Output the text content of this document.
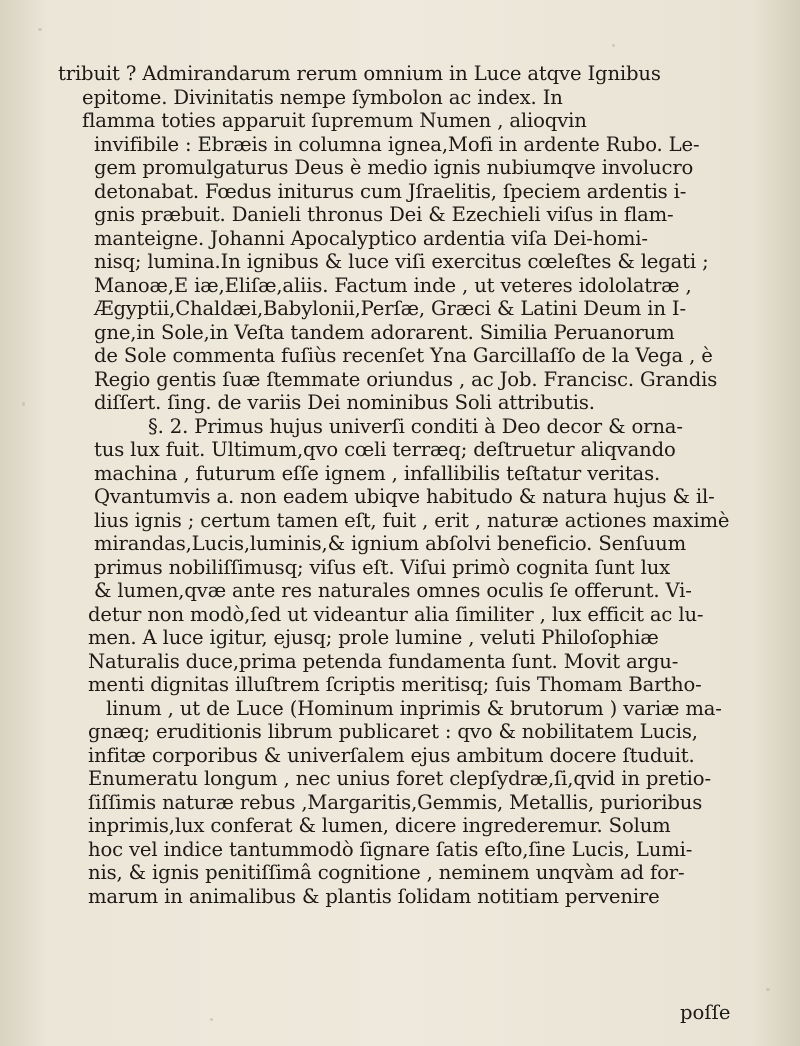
tribuit ? Admirandarum rerum omnium in Luce atqve Ignibus
epitome. Divinitatis nempe ſymbolon ac index. In
flamma toties apparuit ſupremum Numen , alioqvin
invifibile : Ebræis in columna ignea,Mofi in ardente Rubo. Le-
gem promulgaturus Deus è medio ignis nubiumqve involucro
detonabat. Fœdus initurus cum Jſraelitis, ſpeciem ardentis i-
gnis præbuit. Danieli thronus Dei & Ezechieli viſus in flam-
manteigne. Johanni Apocalyptico ardentia viſa Dei-homi-
nisq; lumina.In ignibus & luce viſi exercitus cœleſtes & legati ;
Manoæ,E iæ,Eliſæ,aliis. Factum inde , ut veteres idololatræ ,
Ægyptii,Chaldæi,Babylonii,Perſæ, Græci & Latini Deum in I-
gne,in Sole,in Veſta tandem adorarent. Similia Peruanorum
de Sole commenta fuſiùs recenſet Yna Garcillaſſo de la Vega , è
Regio gentis ſuæ ſtemmate oriundus , ac Job. Francisc. Grandis
diſſert. ſing. de variis Dei nominibus Soli attributis.
§. 2. Primus hujus univerſi conditi à Deo decor & orna-
tus lux fuit. Ultimum,qvo cœli terræq; deſtruetur aliqvando
machina , futurum eſſe ignem , infallibilis teſtatur veritas.
Qvantumvis a. non eadem ubiqve habitudo & natura hujus & il-
lius ignis ; certum tamen eſt, fuit , erit , naturæ actiones maximè
mirandas,Lucis,luminis,& ignium abſolvi beneficio. Senſuum
primus nobiliſſimusq; viſus eſt. Viſui primò cognita ſunt lux
& lumen,qvæ ante res naturales omnes oculis ſe offerunt. Vi-
detur non modò,ſed ut videantur alia ſimiliter , lux efficit ac lu-
men. A luce igitur, ejusq; prole lumine , veluti Philoſophiæ
Naturalis duce,prima petenda fundamenta ſunt. Movit argu-
menti dignitas illuſtrem ſcriptis meritisq; ſuis Thomam Bartho-
linum , ut de Luce (Hominum inprimis & brutorum ) variæ ma-
gnæq; eruditionis librum publicaret : qvo & nobilitatem Lucis,
infitæ corporibus & univerſalem ejus ambitum docere ſtuduit.
Enumeratu longum , nec unius foret clepſydræ,ſi,qvid in pretio-
ſiſſimis naturæ rebus ,Margaritis,Gemmis, Metallis, purioribus
inprimis,lux conferat & lumen, dicere ingrederemur. Solum
hoc vel indice tantummodò ſignare ſatis eſto,ſine Lucis, Lumi-
nis, & ignis penitiſſimâ cognitione , neminem unqvàm ad for-
marum in animalibus & plantis ſolidam notitiam pervenire
poſſe
